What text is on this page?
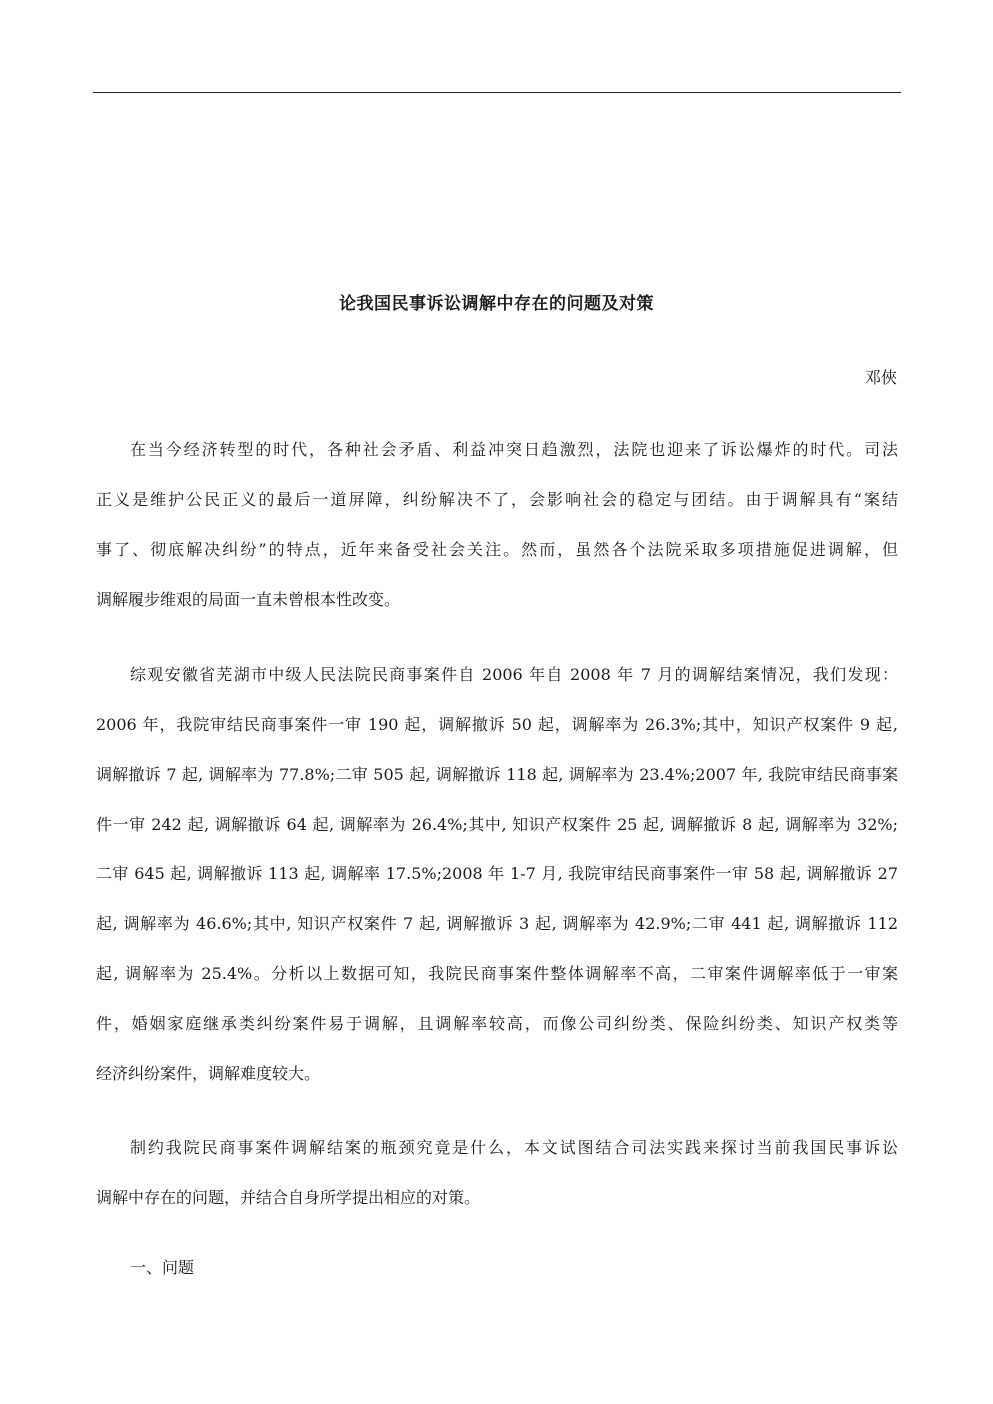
论我国民事诉讼调解中存在的问题及对策
邓俠
在当今经济转型的时代，各种社会矛盾、利益冲突日趋激烈，法院也迎来了诉讼爆炸的时代。司法
正义是维护公民正义的最后一道屏障，纠纷解决不了，会影响社会的稳定与团结。由于调解具有“案结
事了、彻底解决纠纷”的特点，近年来备受社会关注。然而，虽然各个法院采取多项措施促进调解，但
调解履步维艰的局面一直未曾根本性改变。
综观安徽省芜湖市中级人民法院民商事案件自 2006 年自 2008 年 7 月的调解结案情况，我们发现：
2006 年，我院审结民商事案件一审 190 起，调解撤诉 50 起，调解率为 26.3%;其中，知识产权案件 9 起,
调解撤诉 7 起, 调解率为 77.8%;二审 505 起, 调解撤诉 118 起, 调解率为 23.4%;2007 年, 我院审结民商事案
件一审 242 起, 调解撤诉 64 起, 调解率为 26.4%;其中, 知识产权案件 25 起, 调解撤诉 8 起, 调解率为 32%;
二审 645 起, 调解撤诉 113 起, 调解率 17.5%;2008 年 1-7 月, 我院审结民商事案件一审 58 起, 调解撤诉 27
起, 调解率为 46.6%;其中, 知识产权案件 7 起, 调解撤诉 3 起, 调解率为 42.9%;二审 441 起, 调解撤诉 112
起, 调解率为 25.4%。分析以上数据可知，我院民商事案件整体调解率不高，二审案件调解率低于一审案
件，婚姻家庭继承类纠纷案件易于调解，且调解率较高，而像公司纠纷类、保险纠纷类、知识产权类等
经济纠纷案件，调解难度较大。
制约我院民商事案件调解结案的瓶颈究竟是什么，本文试图结合司法实践来探讨当前我国民事诉讼
调解中存在的问题，并结合自身所学提出相应的对策。
一、问题
